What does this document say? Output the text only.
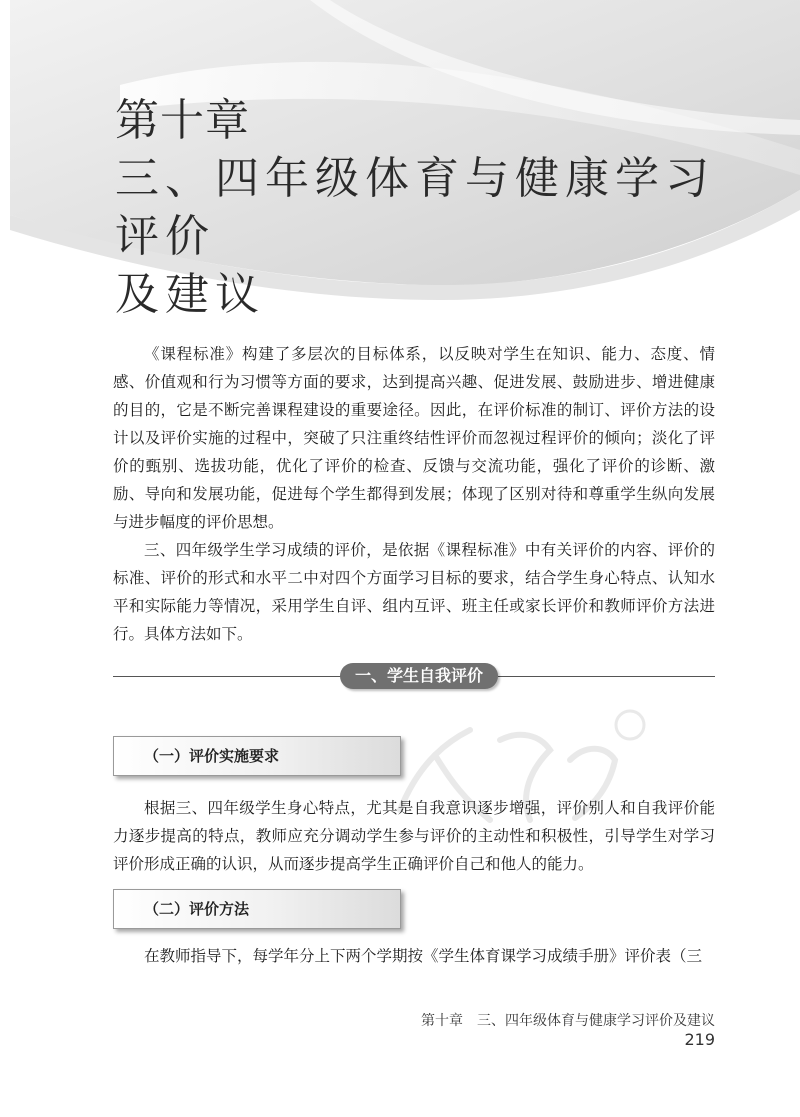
第十章
三、四年级体育与健康学习评价
及建议

《课程标准》构建了多层次的目标体系，以反映对学生在知识、能力、态度、情感、价值观和行为习惯等方面的要求，达到提高兴趣、促进发展、鼓励进步、增进健康的目的，它是不断完善课程建设的重要途径。因此，在评价标准的制订、评价方法的设计以及评价实施的过程中，突破了只注重终结性评价而忽视过程评价的倾向；淡化了评价的甄别、选拔功能，优化了评价的检查、反馈与交流功能，强化了评价的诊断、激励、导向和发展功能，促进每个学生都得到发展；体现了区别对待和尊重学生纵向发展与进步幅度的评价思想。

三、四年级学生学习成绩的评价，是依据《课程标准》中有关评价的内容、评价的标准、评价的形式和水平二中对四个方面学习目标的要求，结合学生身心特点、认知水平和实际能力等情况，采用学生自评、组内互评、班主任或家长评价和教师评价方法进行。具体方法如下。

一、学生自我评价
（一）评价实施要求

根据三、四年级学生身心特点，尤其是自我意识逐步增强，评价别人和自我评价能力逐步提高的特点，教师应充分调动学生参与评价的主动性和积极性，引导学生对学习评价形成正确的认识，从而逐步提高学生正确评价自己和他人的能力。

（二）评价方法

在教师指导下，每学年分上下两个学期按《学生体育课学习成绩手册》评价表（三

第十章　三、四年级体育与健康学习评价及建议219
